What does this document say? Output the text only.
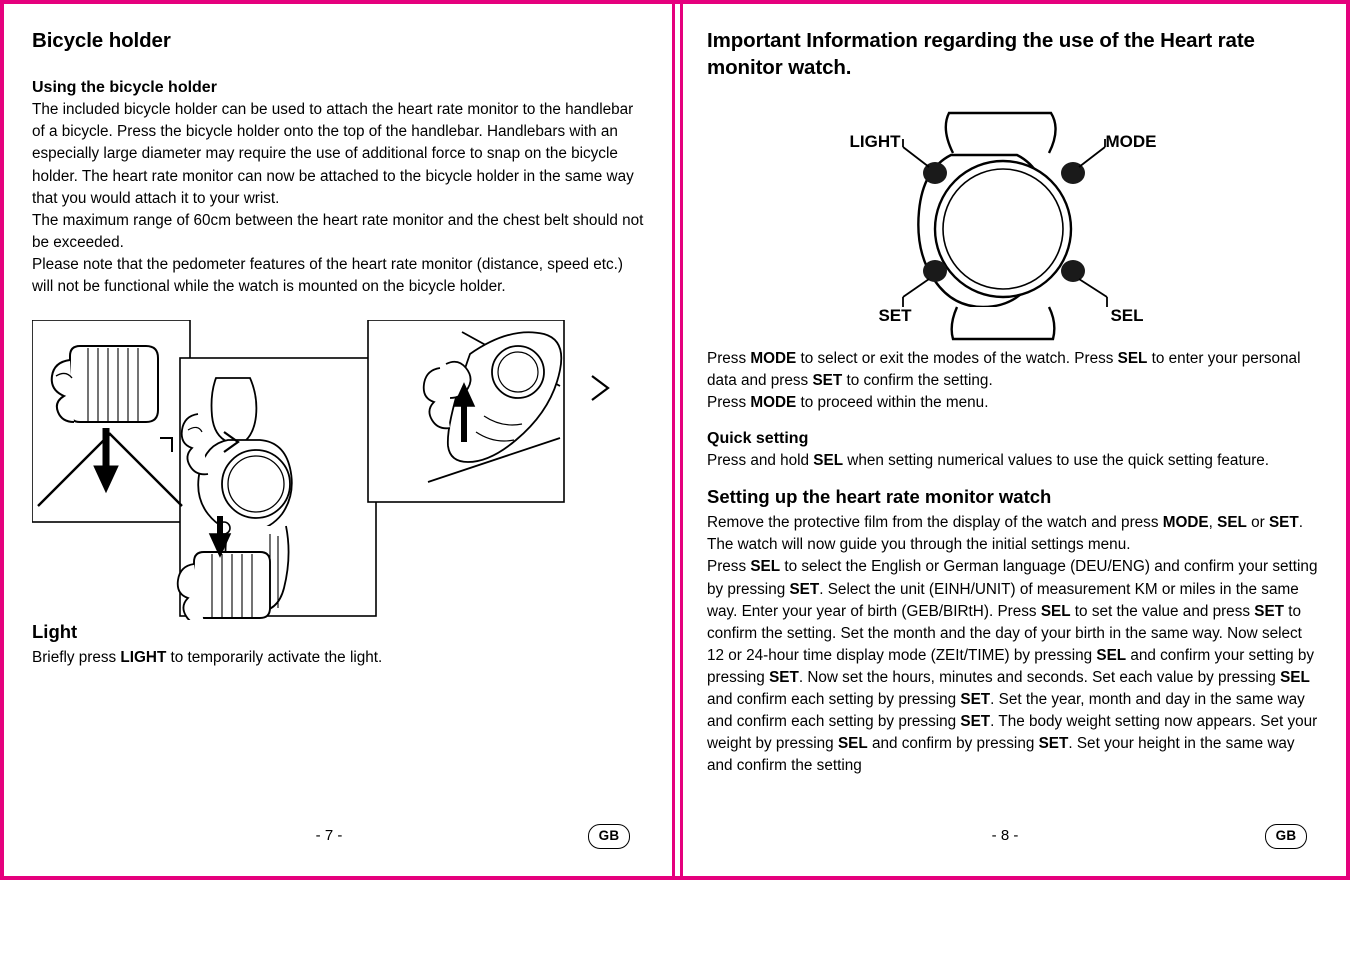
Bicycle holder
Using the bicycle holder

The included bicycle holder can be used to attach the heart rate monitor to the handlebar of a bicycle. Press the bicycle holder onto the top of the handlebar. Handlebars with an especially large diameter may require the use of additional force to snap on the bicycle holder. The heart rate monitor can now be attached to the bicycle holder in the same way that you would attach it to your wrist.

The maximum range of 60cm between the heart rate monitor and the chest belt should not be exceeded.

Please note that the pedometer features of the heart rate monitor (distance, speed etc.) will not be functional while the watch is mounted on the bicycle holder.

Light

Briefly press LIGHT to temporarily activate the light.

- 7 -	GB
Important Information regarding the use of the Heart rate monitor watch.
LIGHT	MODE
SET	SEL

Press MODE to select or exit the modes of the watch. Press SEL to enter your personal data and press SET to confirm the setting.

Press MODE to proceed within the menu.

Quick setting

Press and hold SEL when setting numerical values to use the quick setting feature.

Setting up the heart rate monitor watch

Remove the protective film from the display of the watch and press MODE, SEL or SET. The watch will now guide you through the initial settings menu.

Press SEL to select the English or German language (DEU/ENG) and confirm your setting by pressing SET. Select the unit (EINH/UNIT) of measurement KM or miles in the same way. Enter your year of birth (GEB/BIRtH). Press SEL to set the value and press SET to confirm the setting. Set the month and the day of your birth in the same way. Now select 12 or 24-hour time display mode (ZEIt/TIME) by pressing SEL and confirm your setting by pressing SET. Now set the hours, minutes and seconds. Set each value by pressing SEL and confirm each setting by pressing SET. Set the year, month and day in the same way and confirm each setting by pressing SET. The body weight setting now appears. Set your weight by pressing SEL and confirm by pressing SET. Set your height in the same way and confirm the setting

- 8 -	GB
